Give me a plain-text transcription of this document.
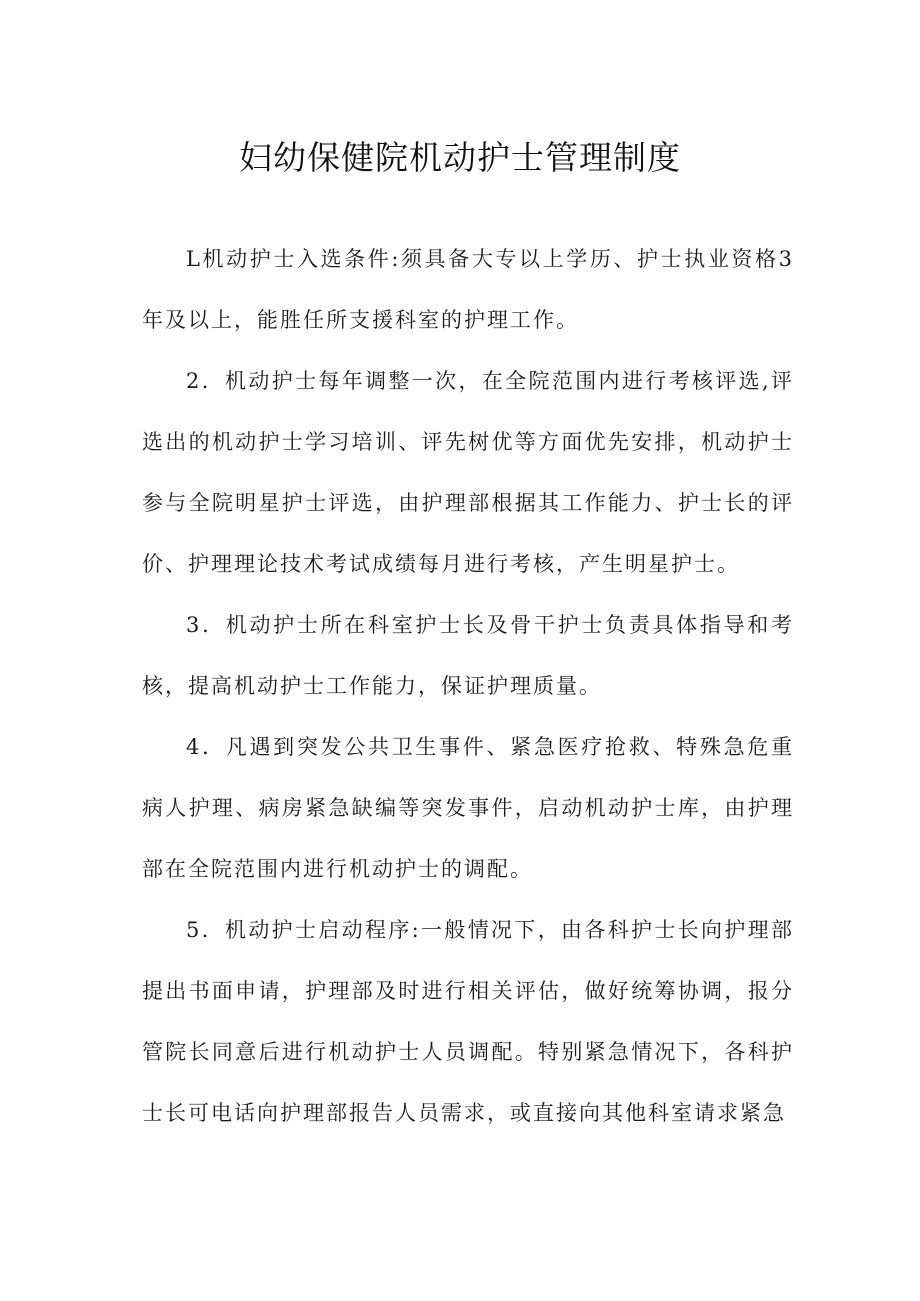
妇幼保健院机动护士管理制度

L机动护士入选条件:须具备大专以上学历、护士执业资格3年及以上，能胜任所支援科室的护理工作。

2．机动护士每年调整一次，在全院范围内进行考核评选,评选出的机动护士学习培训、评先树优等方面优先安排，机动护士参与全院明星护士评选，由护理部根据其工作能力、护士长的评价、护理理论技术考试成绩每月进行考核，产生明星护士。

3．机动护士所在科室护士长及骨干护士负责具体指导和考核，提高机动护士工作能力，保证护理质量。

4．凡遇到突发公共卫生事件、紧急医疗抢救、特殊急危重病人护理、病房紧急缺编等突发事件，启动机动护士库，由护理部在全院范围内进行机动护士的调配。

5．机动护士启动程序:一般情况下，由各科护士长向护理部提出书面申请，护理部及时进行相关评估，做好统筹协调，报分管院长同意后进行机动护士人员调配。特别紧急情况下，各科护士长可电话向护理部报告人员需求，或直接向其他科室请求紧急
